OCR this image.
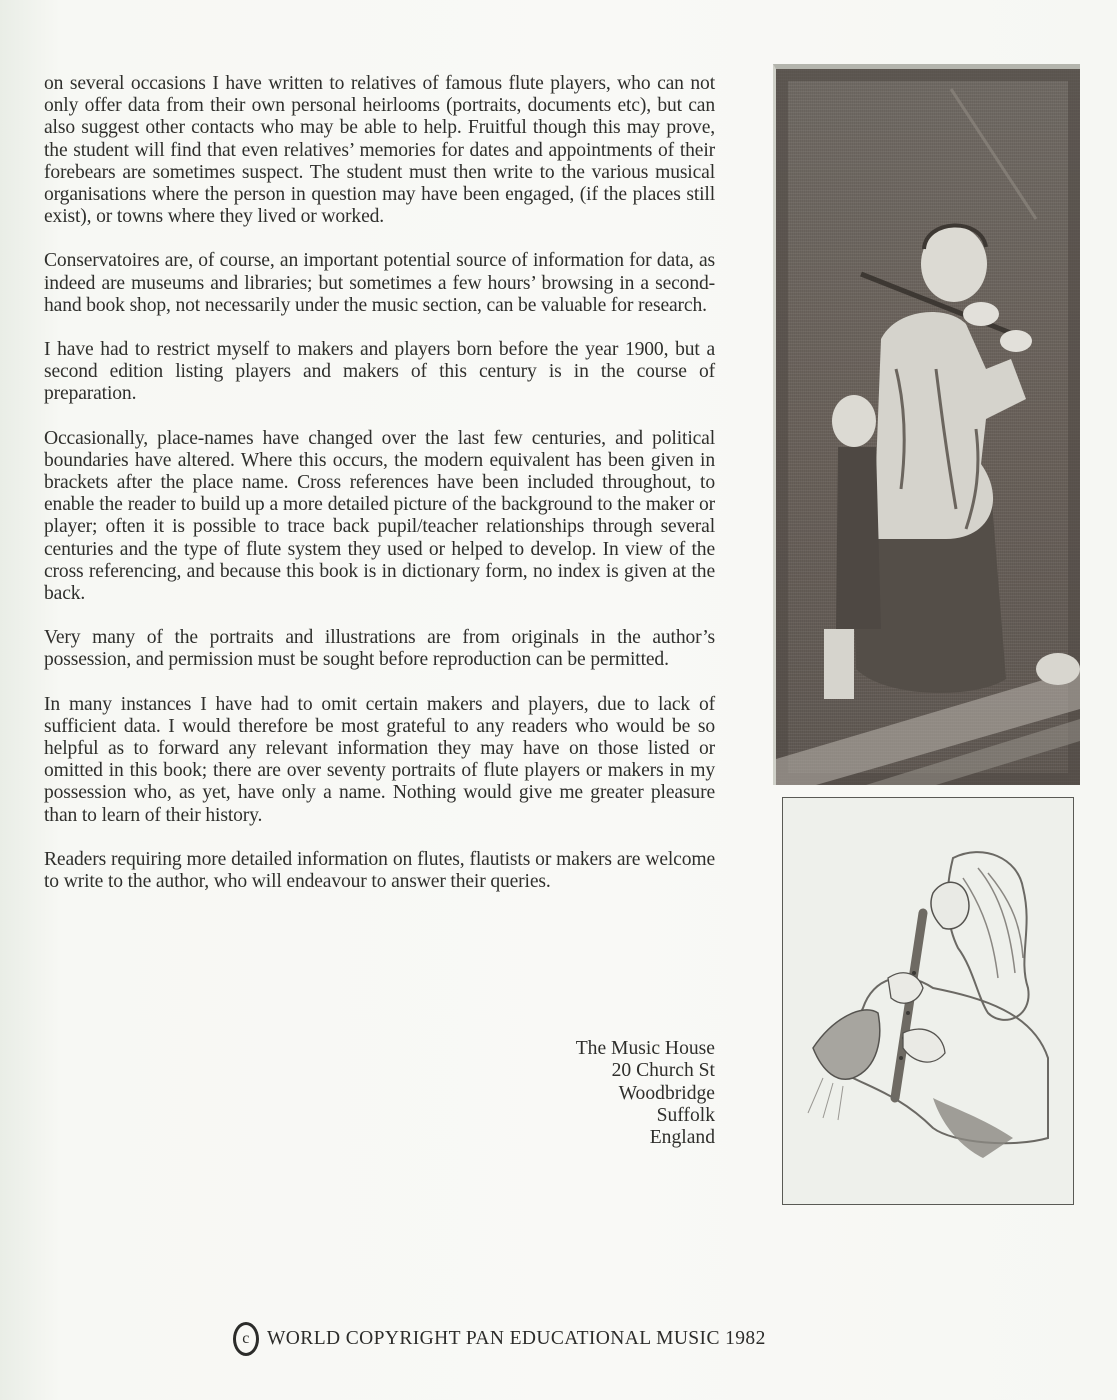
on several occasions I have written to relatives of famous flute players, who can not only offer data from their own personal heirlooms (portraits, documents etc), but can also suggest other contacts who may be able to help. Fruitful though this may prove, the student will find that even relatives’ memories for dates and appointments of their forebears are sometimes suspect. The student must then write to the various musical organisations where the person in question may have been engaged, (if the places still exist), or towns where they lived or worked.

Conservatoires are, of course, an important potential source of information for data, as indeed are museums and libraries; but sometimes a few hours’ browsing in a second-hand book shop, not necessarily under the music section, can be valuable for research.

I have had to restrict myself to makers and players born before the year 1900, but a second edition listing players and makers of this century is in the course of preparation.

Occasionally, place-names have changed over the last few centuries, and political boundaries have altered. Where this occurs, the modern equivalent has been given in brackets after the place name. Cross references have been included throughout, to enable the reader to build up a more detailed picture of the background to the maker or player; often it is possible to trace back pupil/teacher relationships through several centuries and the type of flute system they used or helped to develop. In view of the cross referencing, and because this book is in dictionary form, no index is given at the back.

Very many of the portraits and illustrations are from originals in the author’s possession, and permission must be sought before reproduction can be permitted.

In many instances I have had to omit certain makers and players, due to lack of sufficient data. I would therefore be most grateful to any readers who would be so helpful as to forward any relevant information they may have on those listed or omitted in this book; there are over seventy portraits of flute players or makers in my possession who, as yet, have only a name. Nothing would give me greater pleasure than to learn of their history.

Readers requiring more detailed information on flutes, flautists or makers are welcome to write to the author, who will endeavour to answer their queries.

The Music House
20 Church St
Woodbridge
Suffolk
England
c WORLD COPYRIGHT PAN EDUCATIONAL MUSIC 1982
